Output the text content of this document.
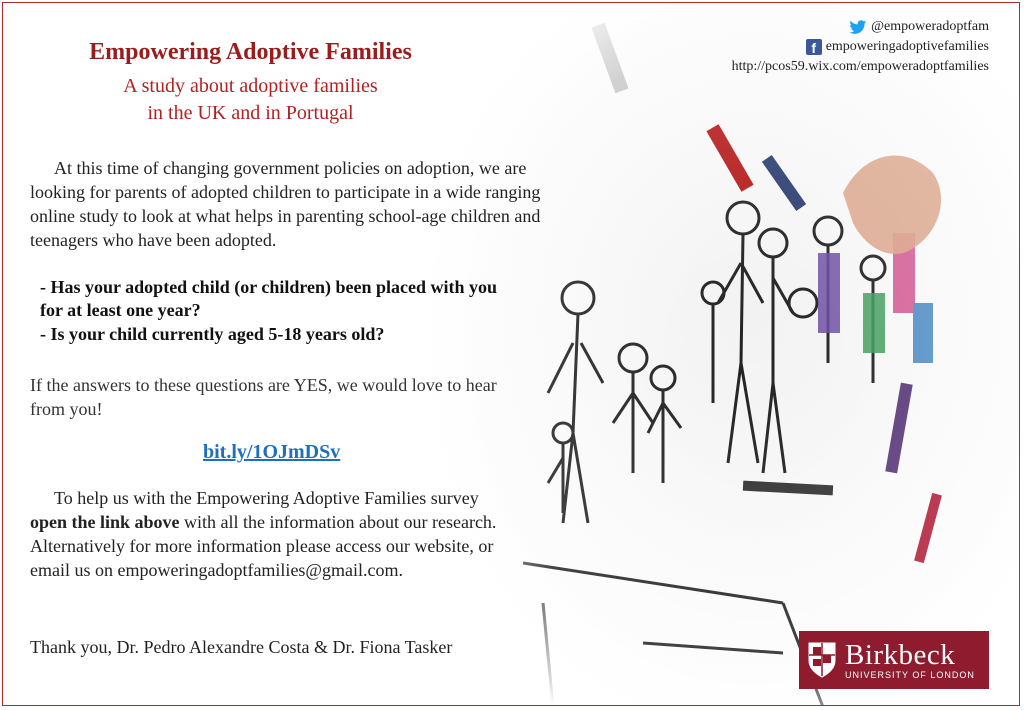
Empowering Adoptive Families
A study about adoptive families
in the UK and in Portugal
@empoweradoptfam
f empoweringadoptivefamilies
http://pcos59.wix.com/empoweradoptfamilies

At this time of changing government policies on adoption, we are looking for parents of adopted children to participate in a wide ranging online study to look at what helps in parenting school-age children and teenagers who have been adopted.

- Has your adopted child (or children) been placed with you for at least one year?
- Is your child currently aged 5-18 years old?

If the answers to these questions are YES, we would love to hear from you!

bit.ly/1OJmDSv

To help us with the Empowering Adoptive Families survey open the link above with all the information about our research. Alternatively for more information please access our website, or email us on empoweringadoptfamilies@gmail.com.

Thank you, Dr. Pedro Alexandre Costa & Dr. Fiona Tasker	Birkbeck
UNIVERSITY OF LONDON
